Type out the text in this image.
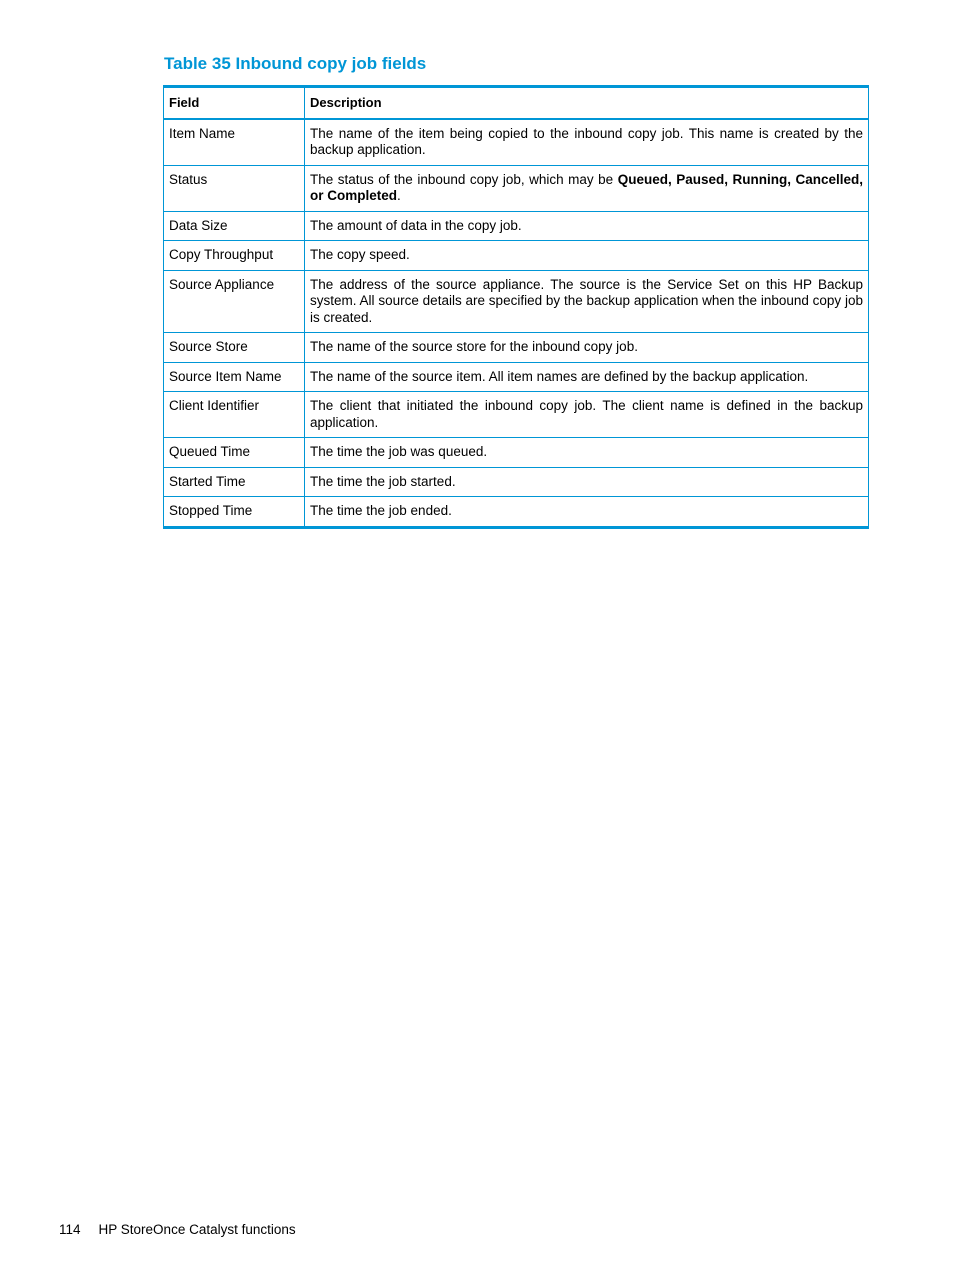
Table 35 Inbound copy job fields
Field	Description
Item Name	The name of the item being copied to the inbound copy job. This name is created by the backup application.
Status	The status of the inbound copy job, which may be Queued, Paused, Running, Cancelled, or Completed.
Data Size	The amount of data in the copy job.
Copy Throughput	The copy speed.
Source Appliance	The address of the source appliance. The source is the Service Set on this HP Backup system. All source details are specified by the backup application when the inbound copy job is created.
Source Store	The name of the source store for the inbound copy job.
Source Item Name	The name of the source item. All item names are defined by the backup application.
Client Identifier	The client that initiated the inbound copy job. The client name is defined in the backup application.
Queued Time	The time the job was queued.
Started Time	The time the job started.
Stopped Time	The time the job ended.
114 HP StoreOnce Catalyst functions
